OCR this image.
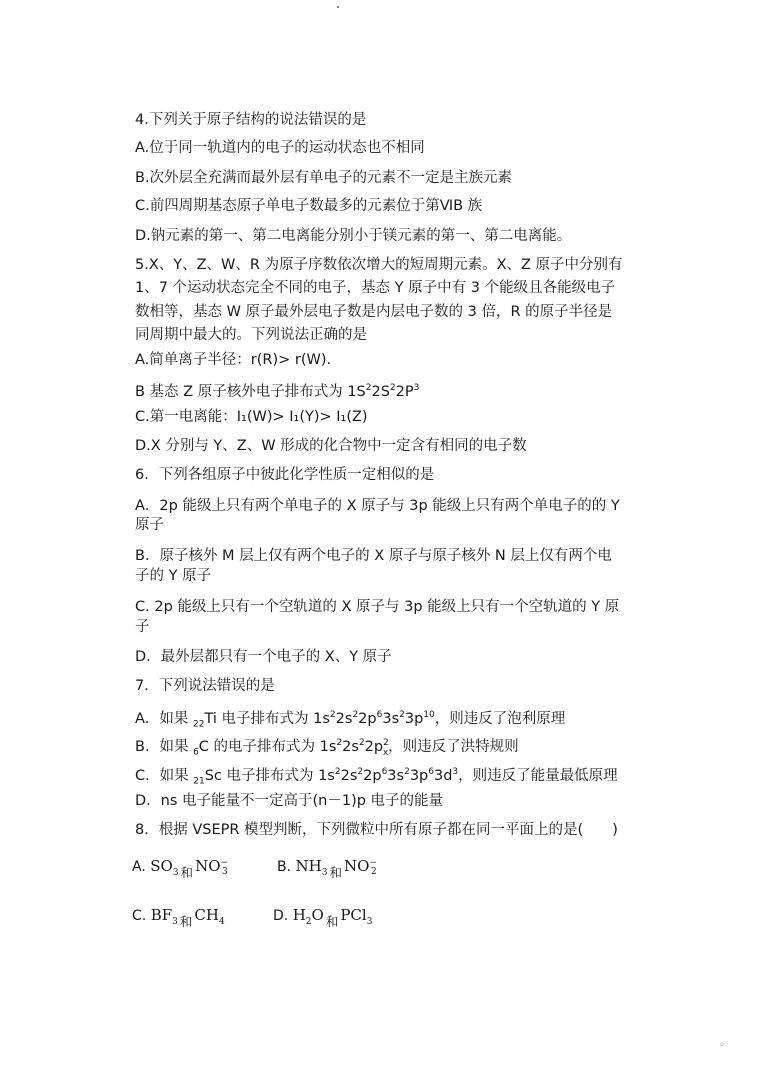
4.下列关于原子结构的说法错误的是
A.位于同一轨道内的电子的运动状态也不相同
B.次外层全充满而最外层有单电子的元素不一定是主族元素
C.前四周期基态原子单电子数最多的元素位于第ⅥB 族
D.钠元素的第一、第二电离能分别小于镁元素的第一、第二电离能。
5.X、Y、Z、W、R 为原子序数依次增大的短周期元素。X、Z 原子中分别有
1、7 个运动状态完全不同的电子，基态 Y 原子中有 3 个能级且各能级电子
数相等，基态 W 原子最外层电子数是内层电子数的 3 倍，R 的原子半径是
同周期中最大的。下列说法正确的是
A.简单离子半径：r(R)> r(W).
B 基态 Z 原子核外电子排布式为 $1S^22S^22P^3$
C.第一电离能：I₁(W)> I₁(Y)> I₁(Z)
D.X 分别与 Y、Z、W 形成的化合物中一定含有相同的电子数
6．下列各组原子中彼此化学性质一定相似的是
A．2p 能级上只有两个单电子的 X 原子与 3p 能级上只有两个单电子的的 Y
原子
B．原子核外 M 层上仅有两个电子的 X 原子与原子核外 N 层上仅有两个电
子的 Y 原子
C. 2p 能级上只有一个空轨道的 X 原子与 3p 能级上只有一个空轨道的 Y 原
子
D．最外层都只有一个电子的 X、Y 原子
7．下列说法错误的是
A．如果 $_{22}$Ti 电子排布式为 $1s^22s^22p^63s^23p^{10}$，则违反了泡利原理
B．如果 $_6$C 的电子排布式为 $1s^22s^22p^2_x$，则违反了洪特规则
C．如果 $_{21}$Sc 电子排布式为 $1s^22s^22p^63s^23p^63d^3$，则违反了能量最低原理
D．ns 电子能量不一定高于(n－1)p 电子的能量
8．根据 VSEPR 模型判断，下列微粒中所有原子都在同一平面上的是(　　)
A. $SO_3$ 和 $NO^-_3$	B. $NH_3$ 和 $NO^-_2$
C. $BF_3$ 和 $CH_4$	D. $H_2O$ 和 PCl$_3$
◦
